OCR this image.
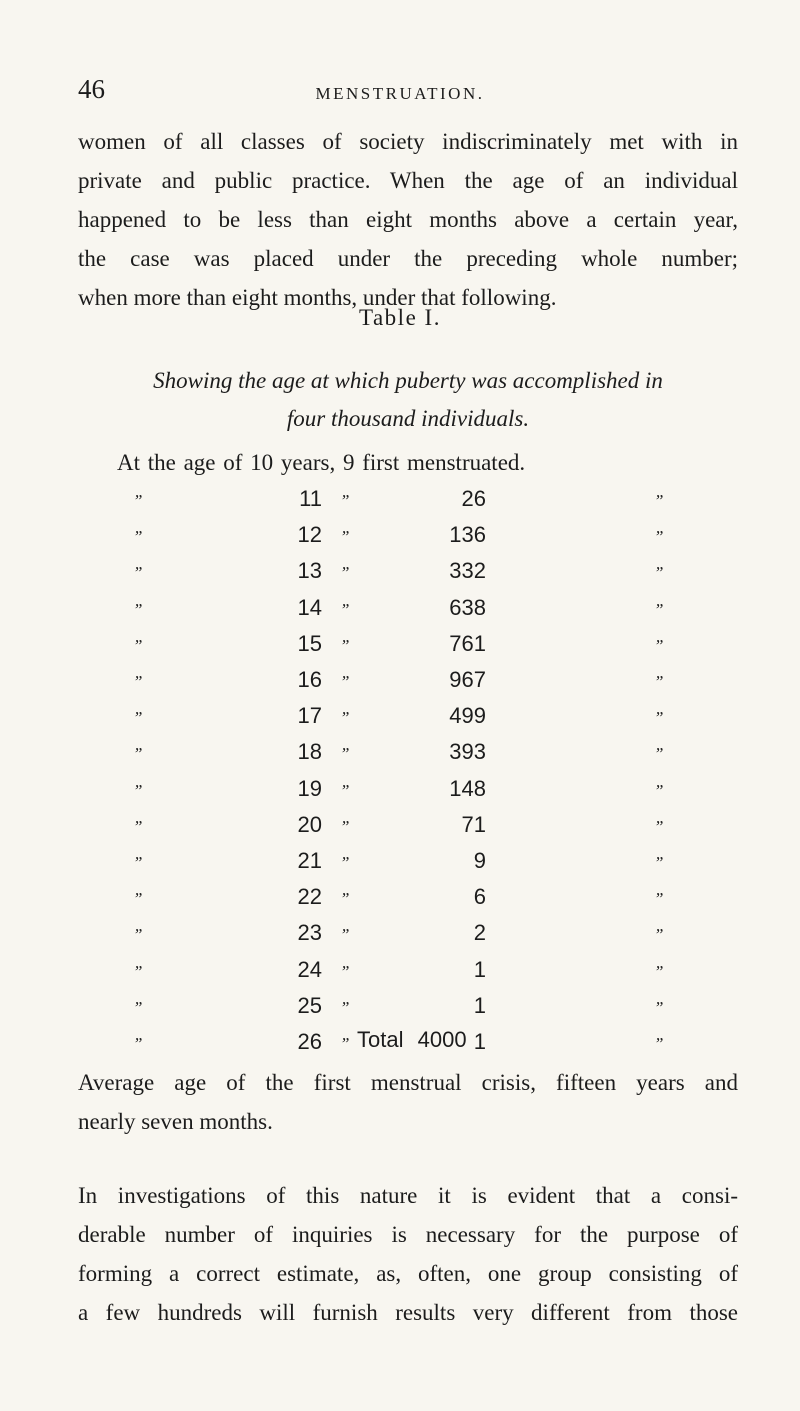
46	MENSTRUATION.

women of all classes of society indiscriminately met with in
private and public practice. When the age of an individual
happened to be less than eight months above a certain year,
the case was placed under the preceding whole number;
when more than eight months, under that following.

Table I.

Showing the age at which puberty was accomplished in
four thousand individuals.

At the age of 10 years, 9 first menstruated.
”	11 ”	26	”
”	12 ”	136	”
”	13 ”	332	”
”	14 ”	638	”
”	15 ”	761	”
”	16 ”	967	”
”	17 ”	499	”
”	18 ”	393	”
”	19 ”	148	”
”	20 ”	71	”
”	21 ”	9	”
”	22 ”	6	”
”	23 ”	2	”
”	24 ”	1	”
”	25 ”	1	”
”	26 ”	1	”
Total 4000

Average age of the first menstrual crisis, fifteen years and
nearly seven months.

In investigations of this nature it is evident that a consi-
derable number of inquiries is necessary for the purpose of
forming a correct estimate, as, often, one group consisting of
a few hundreds will furnish results very different from those
